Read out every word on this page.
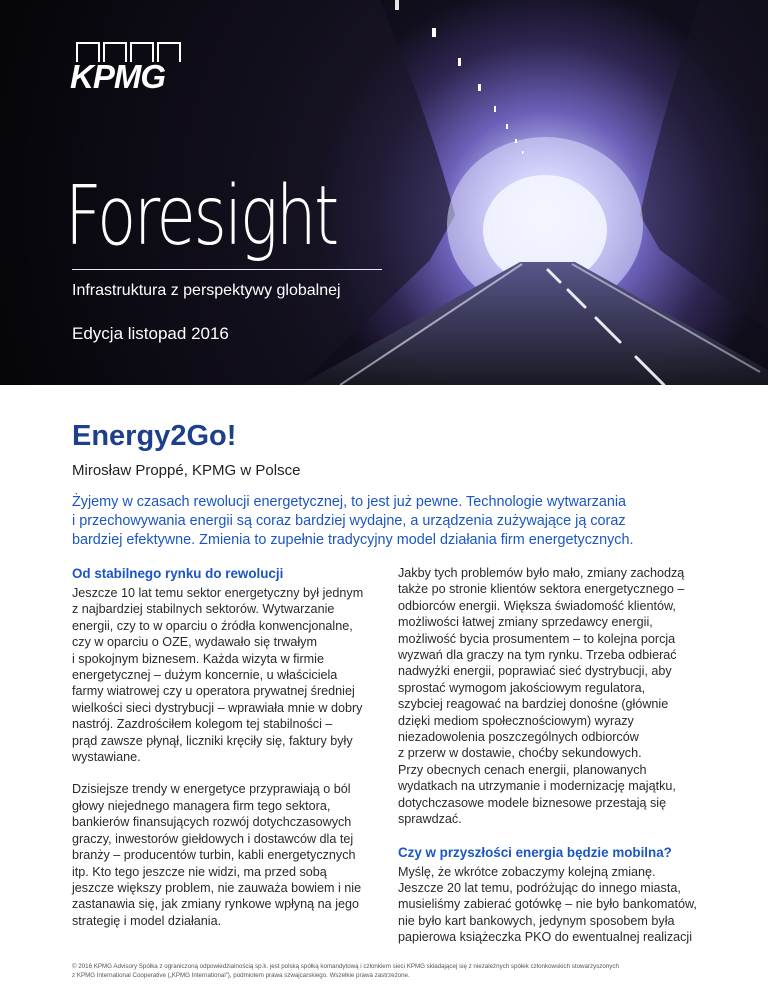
KPMG
Foresight
Infrastruktura z perspektywy globalnej
Edycja listopad 2016
Energy2Go!
Mirosław Proppé, KPMG w Polsce
Żyjemy w czasach rewolucji energetycznej, to jest już pewne. Technologie wytwarzania
i przechowywania energii są coraz bardziej wydajne, a urządzenia zużywające ją coraz
bardziej efektywne. Zmienia to zupełnie tradycyjny model działania firm energetycznych.
Od stabilnego rynku do rewolucji
Jeszcze 10 lat temu sektor energetyczny był jednym
z najbardziej stabilnych sektorów. Wytwarzanie
energii, czy to w oparciu o źródła konwencjonalne,
czy w oparciu o OZE, wydawało się trwałym
i spokojnym biznesem. Każda wizyta w firmie
energetycznej – dużym koncernie, u właściciela
farmy wiatrowej czy u operatora prywatnej średniej
wielkości sieci dystrybucji – wprawiała mnie w dobry
nastrój. Zazdrościłem kolegom tej stabilności –
prąd zawsze płynął, liczniki kręciły się, faktury były
wystawiane.
Dzisiejsze trendy w energetyce przyprawiają o ból
głowy niejednego managera firm tego sektora,
bankierów finansujących rozwój dotychczasowych
graczy, inwestorów giełdowych i dostawców dla tej
branży – producentów turbin, kabli energetycznych
itp. Kto tego jeszcze nie widzi, ma przed sobą
jeszcze większy problem, nie zauważa bowiem i nie
zastanawia się, jak zmiany rynkowe wpłyną na jego
strategię i model działania.
Jakby tych problemów było mało, zmiany zachodzą
także po stronie klientów sektora energetycznego –
odbiorców energii. Większa świadomość klientów,
możliwości łatwej zmiany sprzedawcy energii,
możliwość bycia prosumentem – to kolejna porcja
wyzwań dla graczy na tym rynku. Trzeba odbierać
nadwyżki energii, poprawiać sieć dystrybucji, aby
sprostać wymogom jakościowym regulatora,
szybciej reagować na bardziej donośne (głównie
dzięki mediom społecznościowym) wyrazy
niezadowolenia poszczególnych odbiorców
z przerw w dostawie, choćby sekundowych.
Przy obecnych cenach energii, planowanych
wydatkach na utrzymanie i modernizację majątku,
dotychczasowe modele biznesowe przestają się
sprawdzać.
Czy w przyszłości energia będzie mobilna?
Myślę, że wkrótce zobaczymy kolejną zmianę.
Jeszcze 20 lat temu, podróżując do innego miasta,
musieliśmy zabierać gotówkę – nie było bankomatów,
nie było kart bankowych, jedynym sposobem była
papierowa książeczka PKO do ewentualnej realizacji
© 2016 KPMG Advisory Spółka z ograniczoną odpowiedzialnością sp.k. jest polską spółką komandytową i członkiem sieci KPMG składającej się z niezależnych spółek członkowskich stowarzyszonych
z KPMG International Cooperative („KPMG International”), podmiotem prawa szwajcarskiego. Wszelkie prawa zastrzeżone.
